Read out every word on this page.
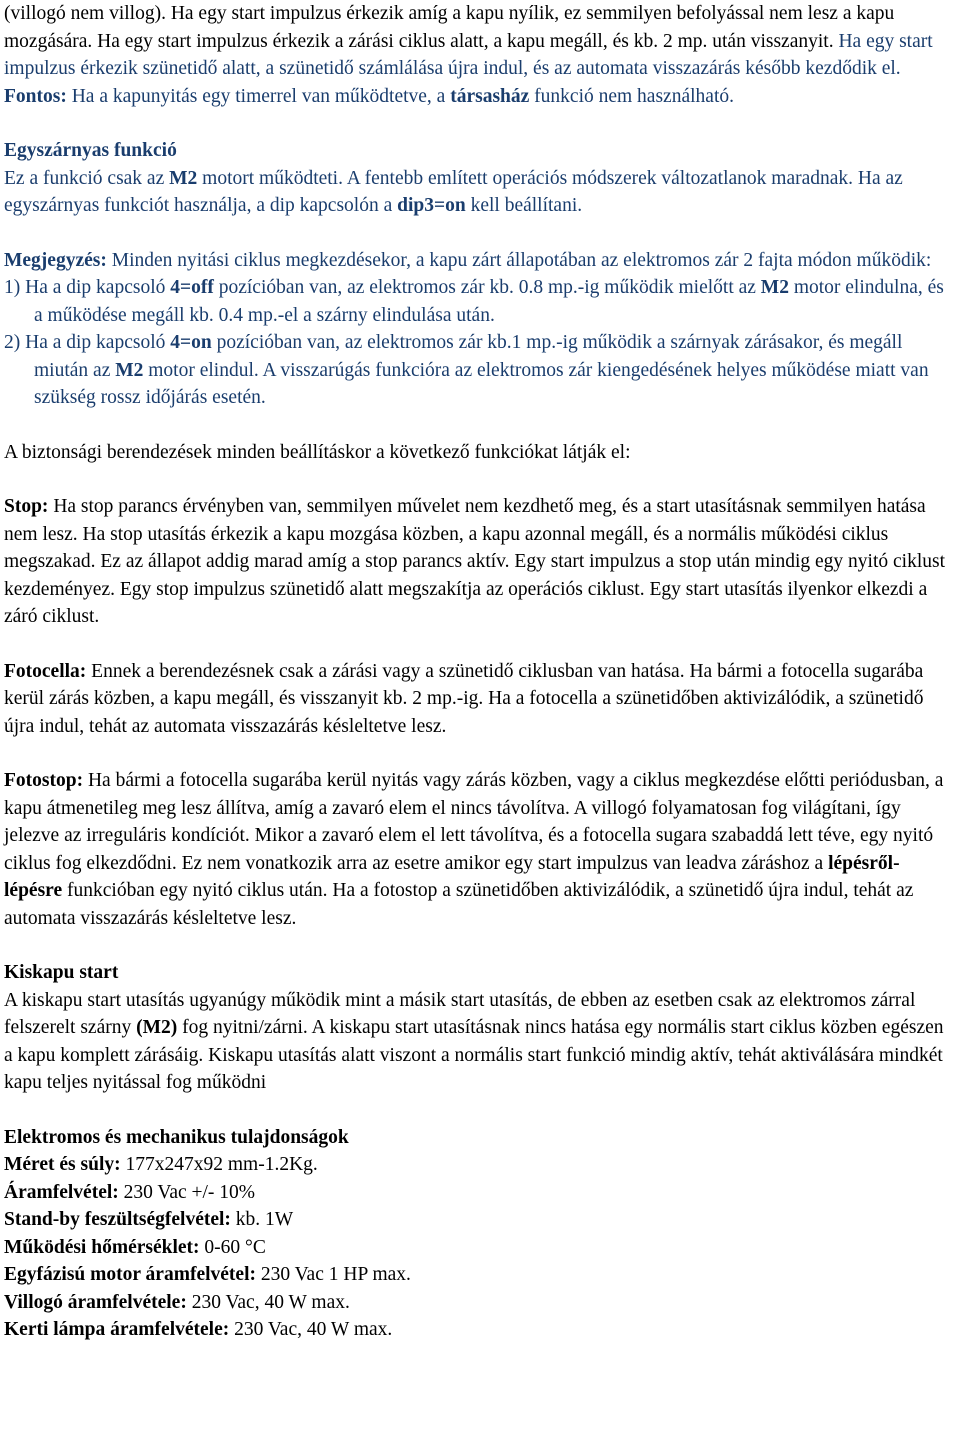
(villogó nem villog). Ha egy start impulzus érkezik amíg a kapu nyílik, ez semmilyen befolyással nem lesz a kapu mozgására. Ha egy start impulzus érkezik a zárási ciklus alatt, a kapu megáll, és kb. 2 mp. után visszanyit. Ha egy start impulzus érkezik szünetidő alatt, a szünetidő számlálása újra indul, és az automata visszazárás később kezdődik el.

Fontos: Ha a kapunyitás egy timerrel van működtetve, a társasház funkció nem használható.

Egyszárnyas funkció

Ez a funkció csak az M2 motort működteti. A fentebb említett operációs módszerek változatlanok maradnak. Ha az egyszárnyas funkciót használja, a dip kapcsolón a dip3=on kell beállítani.

Megjegyzés: Minden nyitási ciklus megkezdésekor, a kapu zárt állapotában az elektromos zár 2 fajta módon működik:

1) Ha a dip kapcsoló 4=off pozícióban van, az elektromos zár kb. 0.8 mp.-ig működik mielőtt az M2 motor elindulna, és a működése megáll kb. 0.4 mp.-el a szárny elindulása után.
2) Ha a dip kapcsoló 4=on pozícióban van, az elektromos zár kb.1 mp.-ig működik a szárnyak zárásakor, és megáll miután az M2 motor elindul. A visszarúgás funkcióra az elektromos zár kiengedésének helyes működése miatt van szükség rossz időjárás esetén.

A biztonsági berendezések minden beállításkor a következő funkciókat látják el:

Stop: Ha stop parancs érvényben van, semmilyen művelet nem kezdhető meg, és a start utasításnak semmilyen hatása nem lesz. Ha stop utasítás érkezik a kapu mozgása közben, a kapu azonnal megáll, és a normális működési ciklus megszakad. Ez az állapot addig marad amíg a stop parancs aktív. Egy start impulzus a stop után mindig egy nyitó ciklust kezdeményez. Egy stop impulzus szünetidő alatt megszakítja az operációs ciklust. Egy start utasítás ilyenkor elkezdi a záró ciklust.

Fotocella: Ennek a berendezésnek csak a zárási vagy a szünetidő ciklusban van hatása. Ha bármi a fotocella sugarába kerül zárás közben, a kapu megáll, és visszanyit kb. 2 mp.-ig. Ha a fotocella a szünetidőben aktivizálódik, a szünetidő újra indul, tehát az automata visszazárás késleltetve lesz.

Fotostop: Ha bármi a fotocella sugarába kerül nyitás vagy zárás közben, vagy a ciklus megkezdése előtti periódusban, a kapu átmenetileg meg lesz állítva, amíg a zavaró elem el nincs távolítva. A villogó folyamatosan fog világítani, így jelezve az irreguláris kondíciót. Mikor a zavaró elem el lett távolítva, és a fotocella sugara szabaddá lett téve, egy nyitó ciklus fog elkezdődni. Ez nem vonatkozik arra az esetre amikor egy start impulzus van leadva záráshoz a lépésről-lépésre funkcióban egy nyitó ciklus után. Ha a fotostop a szünetidőben aktivizálódik, a szünetidő újra indul, tehát az automata visszazárás késleltetve lesz.

Kiskapu start

A kiskapu start utasítás ugyanúgy működik mint a másik start utasítás, de ebben az esetben csak az elektromos zárral felszerelt szárny (M2) fog nyitni/zárni. A kiskapu start utasításnak nincs hatása egy normális start ciklus közben egészen a kapu komplett zárásáig. Kiskapu utasítás alatt viszont a normális start funkció mindig aktív, tehát aktiválására mindkét kapu teljes nyitással fog működni

Elektromos és mechanikus tulajdonságok

Méret és súly: 177x247x92 mm-1.2Kg.

Áramfelvétel: 230 Vac +/- 10%

Stand-by feszültségfelvétel: kb. 1W

Működési hőmérséklet: 0-60 °C

Egyfázisú motor áramfelvétel: 230 Vac 1 HP max.

Villogó áramfelvétele: 230 Vac, 40 W max.

Kerti lámpa áramfelvétele: 230 Vac, 40 W max.
